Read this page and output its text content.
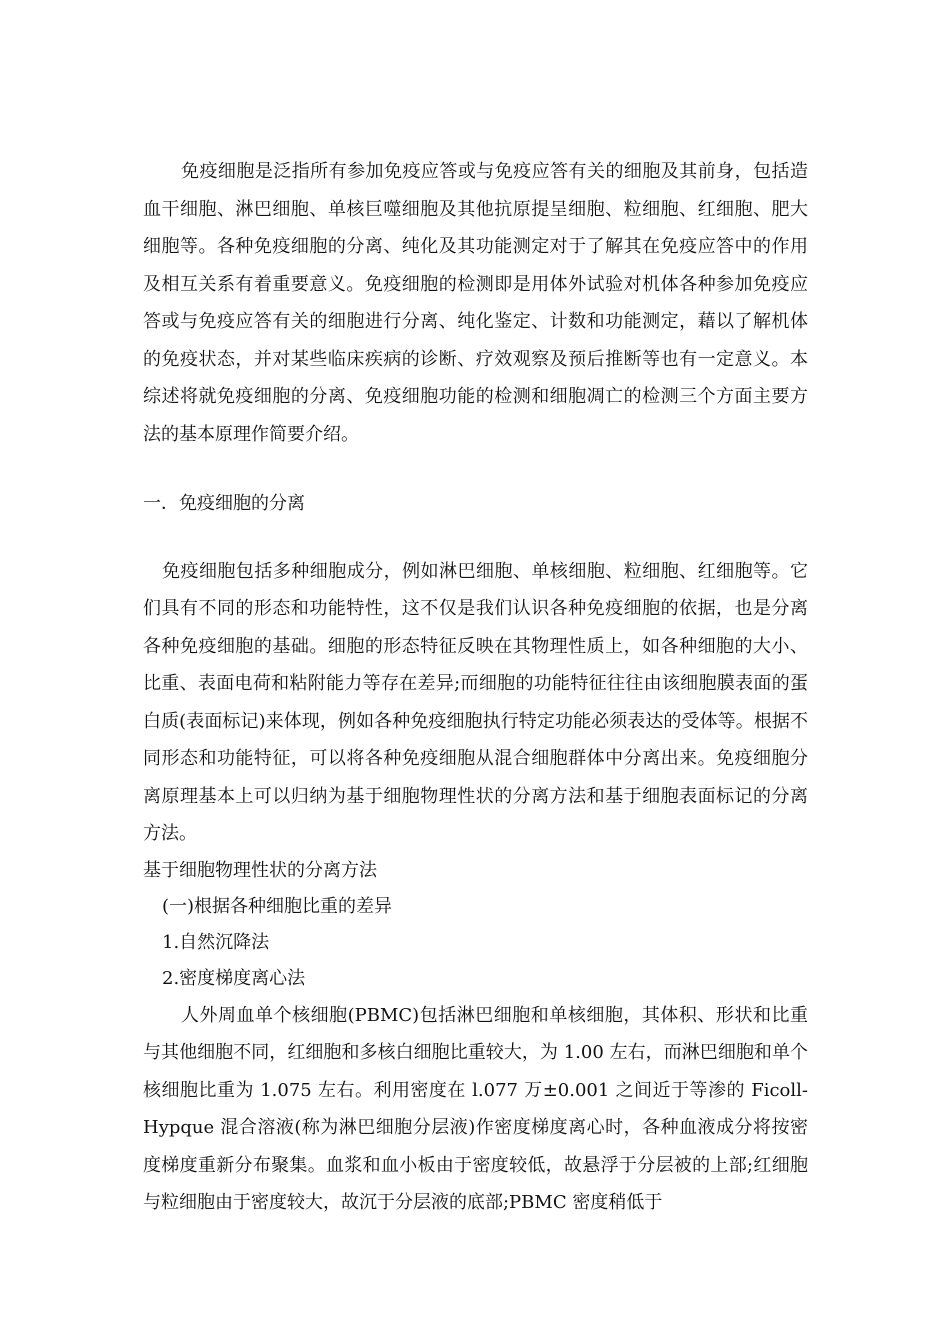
免疫细胞是泛指所有参加免疫应答或与免疫应答有关的细胞及其前身，包括造血干细胞、淋巴细胞、单核巨噬细胞及其他抗原提呈细胞、粒细胞、红细胞、肥大细胞等。各种免疫细胞的分离、纯化及其功能测定对于了解其在免疫应答中的作用及相互关系有着重要意义。免疫细胞的检测即是用体外试验对机体各种参加免疫应答或与免疫应答有关的细胞进行分离、纯化鉴定、计数和功能测定，藉以了解机体的免疫状态，并对某些临床疾病的诊断、疗效观察及预后推断等也有一定意义。本综述将就免疫细胞的分离、免疫细胞功能的检测和细胞凋亡的检测三个方面主要方法的基本原理作简要介绍。

一．免疫细胞的分离

免疫细胞包括多种细胞成分，例如淋巴细胞、单核细胞、粒细胞、红细胞等。它们具有不同的形态和功能特性，这不仅是我们认识各种免疫细胞的依据，也是分离各种免疫细胞的基础。细胞的形态特征反映在其物理性质上，如各种细胞的大小、比重、表面电荷和粘附能力等存在差异;而细胞的功能特征往往由该细胞膜表面的蛋白质(表面标记)来体现，例如各种免疫细胞执行特定功能必须表达的受体等。根据不同形态和功能特征，可以将各种免疫细胞从混合细胞群体中分离出来。免疫细胞分离原理基本上可以归纳为基于细胞物理性状的分离方法和基于细胞表面标记的分离方法。

基于细胞物理性状的分离方法

(一)根据各种细胞比重的差异

1.自然沉降法

2.密度梯度离心法

人外周血单个核细胞(PBMC)包括淋巴细胞和单核细胞，其体积、形状和比重与其他细胞不同，红细胞和多核白细胞比重较大，为 1.00 左右，而淋巴细胞和单个核细胞比重为 1.075 左右。利用密度在 l.077 万±0.001 之间近于等渗的 Ficoll-Hypque 混合溶液(称为淋巴细胞分层液)作密度梯度离心时，各种血液成分将按密度梯度重新分布聚集。血浆和血小板由于密度较低，故悬浮于分层被的上部;红细胞与粒细胞由于密度较大，故沉于分层液的底部;PBMC 密度稍低于
